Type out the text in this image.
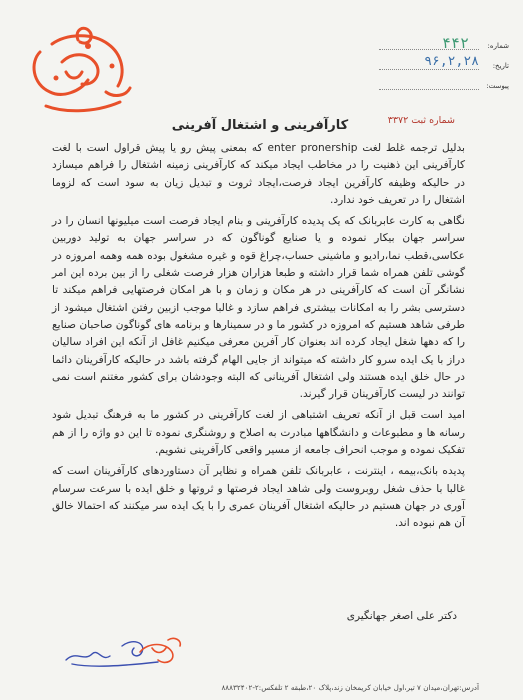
شماره:
۴۴۲
تاریخ:
۹۶,۲,۲۸
پیوست:
شماره ثبت ۳۳۷۲
کارآفرینی و اشتغال آفرینی

بدلیل ترجمه غلط لغت enter pronership که بمعنی پیش رو یا پیش قراول است با لغت کارآفرینی این ذهنیت را در مخاطب ایجاد میکند که کارآفرینی زمینه اشتغال را فراهم میسازد در حالیکه وظیفه کارآفرین ایجاد فرصت،ایجاد ثروت و تبدیل زیان به سود است که لزوما اشتغال را در تعریف خود ندارد.

نگاهی به کارت عابربانک که یک پدیده کارآفرینی و بنام ایجاد فرصت است میلیونها انسان را در سراسر جهان بیکار نموده و یا صنایع گوناگون که در سراسر جهان به تولید دوربین عکاسی،قطب نما،رادیو و ماشینی حساب،چراغ قوه و غیره مشغول بوده همه وهمه امروزه در گوشی تلفن همراه شما قرار داشته و طبعا هزاران هزار فرصت شغلی را از بین برده این امر نشانگر آن است که کارآفرینی در هر مکان و زمان و با هر امکان فرصتهایی فراهم میکند تا دسترسی بشر را به امکانات بیشتری فراهم سازد و غالبا موجب ازبین رفتن اشتغال میشود از طرفی شاهد هستیم که امروزه در کشور ما و در سمینارها و برنامه های گوناگون صاحبان صنایع را که دهها شغل ایجاد کرده اند بعنوان کار آفرین معرفی میکنیم غافل از آنکه این افراد سالیان دراز با یک ایده سرو کار داشته که میتواند از جایی الهام گرفته باشد در حالیکه کارآفرینان دائما در حال خلق ایده هستند ولی اشتغال آفرینانی که البته وجودشان برای کشور مغتنم است نمی توانند در لیست کارآفرینان قرار گیرند.

امید است قبل از آنکه تعریف اشتباهی از لغت کارآفرینی در کشور ما به فرهنگ تبدیل شود رسانه ها و مطبوعات و دانشگاهها مبادرت به اصلاح و روشنگری نموده تا این دو واژه را از هم تفکیک نموده و موجب انحراف جامعه از مسیر واقعی کارآفرینی نشویم.

پدیده بانک،بیمه ، اینترنت ، عابربانک تلفن همراه و نظایر آن دستاوردهای کارآفرینان است که غالبا با حذف شغل روبروست ولی شاهد ایجاد فرصتها و ثروتها و خلق ایده با سرعت سرسام آوری در جهان هستیم در حالیکه اشتغال آفرینان عمری را با یک ایده سر میکنند که احتمالا خالق آن هم نبوده اند.

دکتر علی اصغر جهانگیری
آدرس:تهران،میدان ۷ تیر،اول خیابان کریمخان زند،پلاک ۲۰،طبقه ۲ تلفکس:۲-۸۸۸۳۲۴۰۲
